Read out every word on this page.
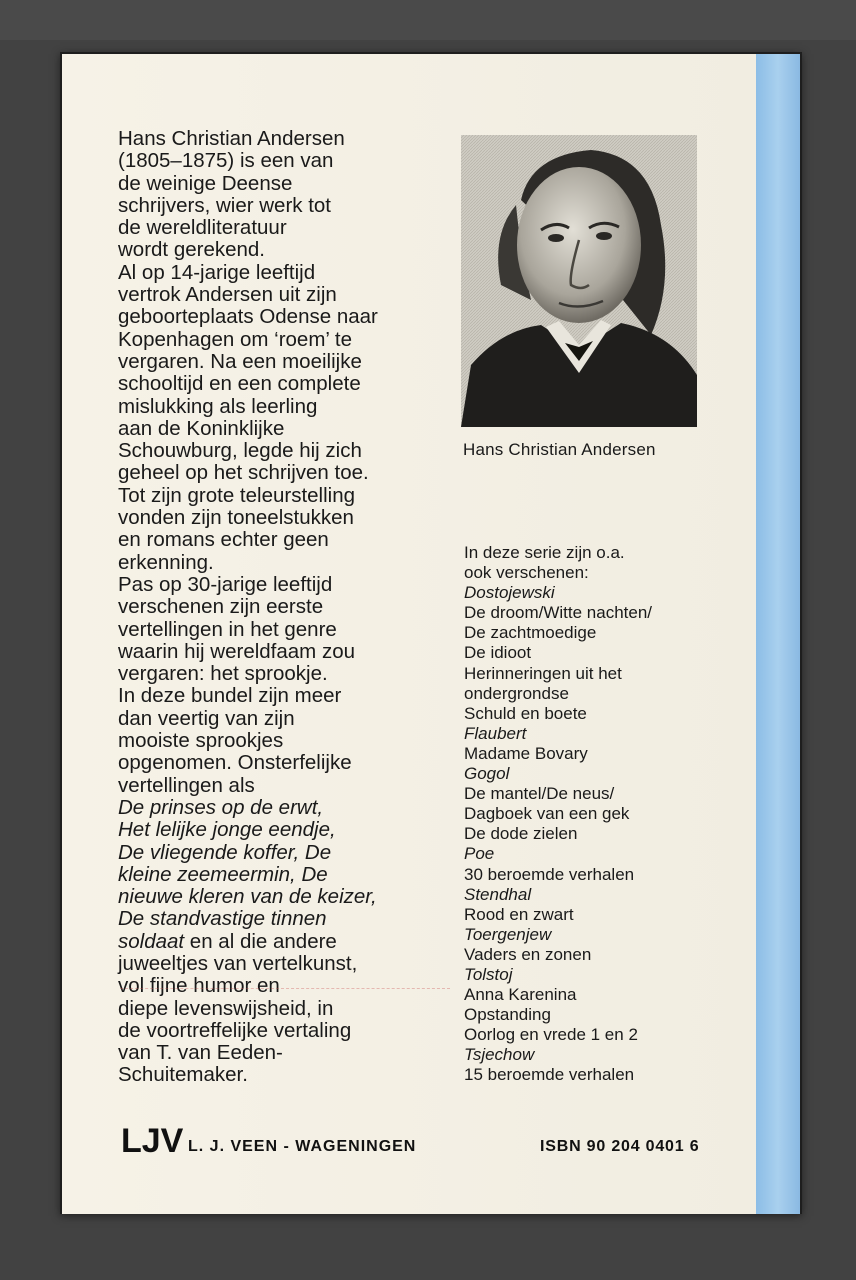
Hans Christian Andersen

(1805–1875) is een van

de weinige Deense

schrijvers, wier werk tot

de wereldliteratuur

wordt gerekend.

Al op 14-jarige leeftijd

vertrok Andersen uit zijn

geboorteplaats Odense naar

Kopenhagen om ‘roem’ te

vergaren. Na een moeilijke

schooltijd en een complete

mislukking als leerling

aan de Koninklijke

Schouwburg, legde hij zich

geheel op het schrijven toe.

Tot zijn grote teleurstelling

vonden zijn toneelstukken

en romans echter geen

erkenning.

Pas op 30-jarige leeftijd

verschenen zijn eerste

vertellingen in het genre

waarin hij wereldfaam zou

vergaren: het sprookje.

In deze bundel zijn meer

dan veertig van zijn

mooiste sprookjes

opgenomen. Onsterfelijke

vertellingen als

De prinses op de erwt,
Het lelijke jonge eendje,
De vliegende koffer, De
kleine zeemeermin, De
nieuwe kleren van de keizer,
De standvastige tinnen

soldaat en al die andere

juweeltjes van vertelkunst,

vol fijne humor en

diepe levenswijsheid, in

de voortreffelijke vertaling

van T. van Eeden-

Schuitemaker.

Hans Christian Andersen
In deze serie zijn o.a.
ook verschenen:
Dostojewski
De droom/Witte nachten/
De zachtmoedige
De idioot
Herinneringen uit het
ondergrondse
Schuld en boete
Flaubert
Madame Bovary
Gogol
De mantel/De neus/
Dagboek van een gek
De dode zielen
Poe
30 beroemde verhalen
Stendhal
Rood en zwart
Toergenjew
Vaders en zonen
Tolstoj
Anna Karenina
Opstanding
Oorlog en vrede 1 en 2
Tsjechow
15 beroemde verhalen
LJV L. J. VEEN - WAGENINGEN	ISBN 90 204 0401 6
